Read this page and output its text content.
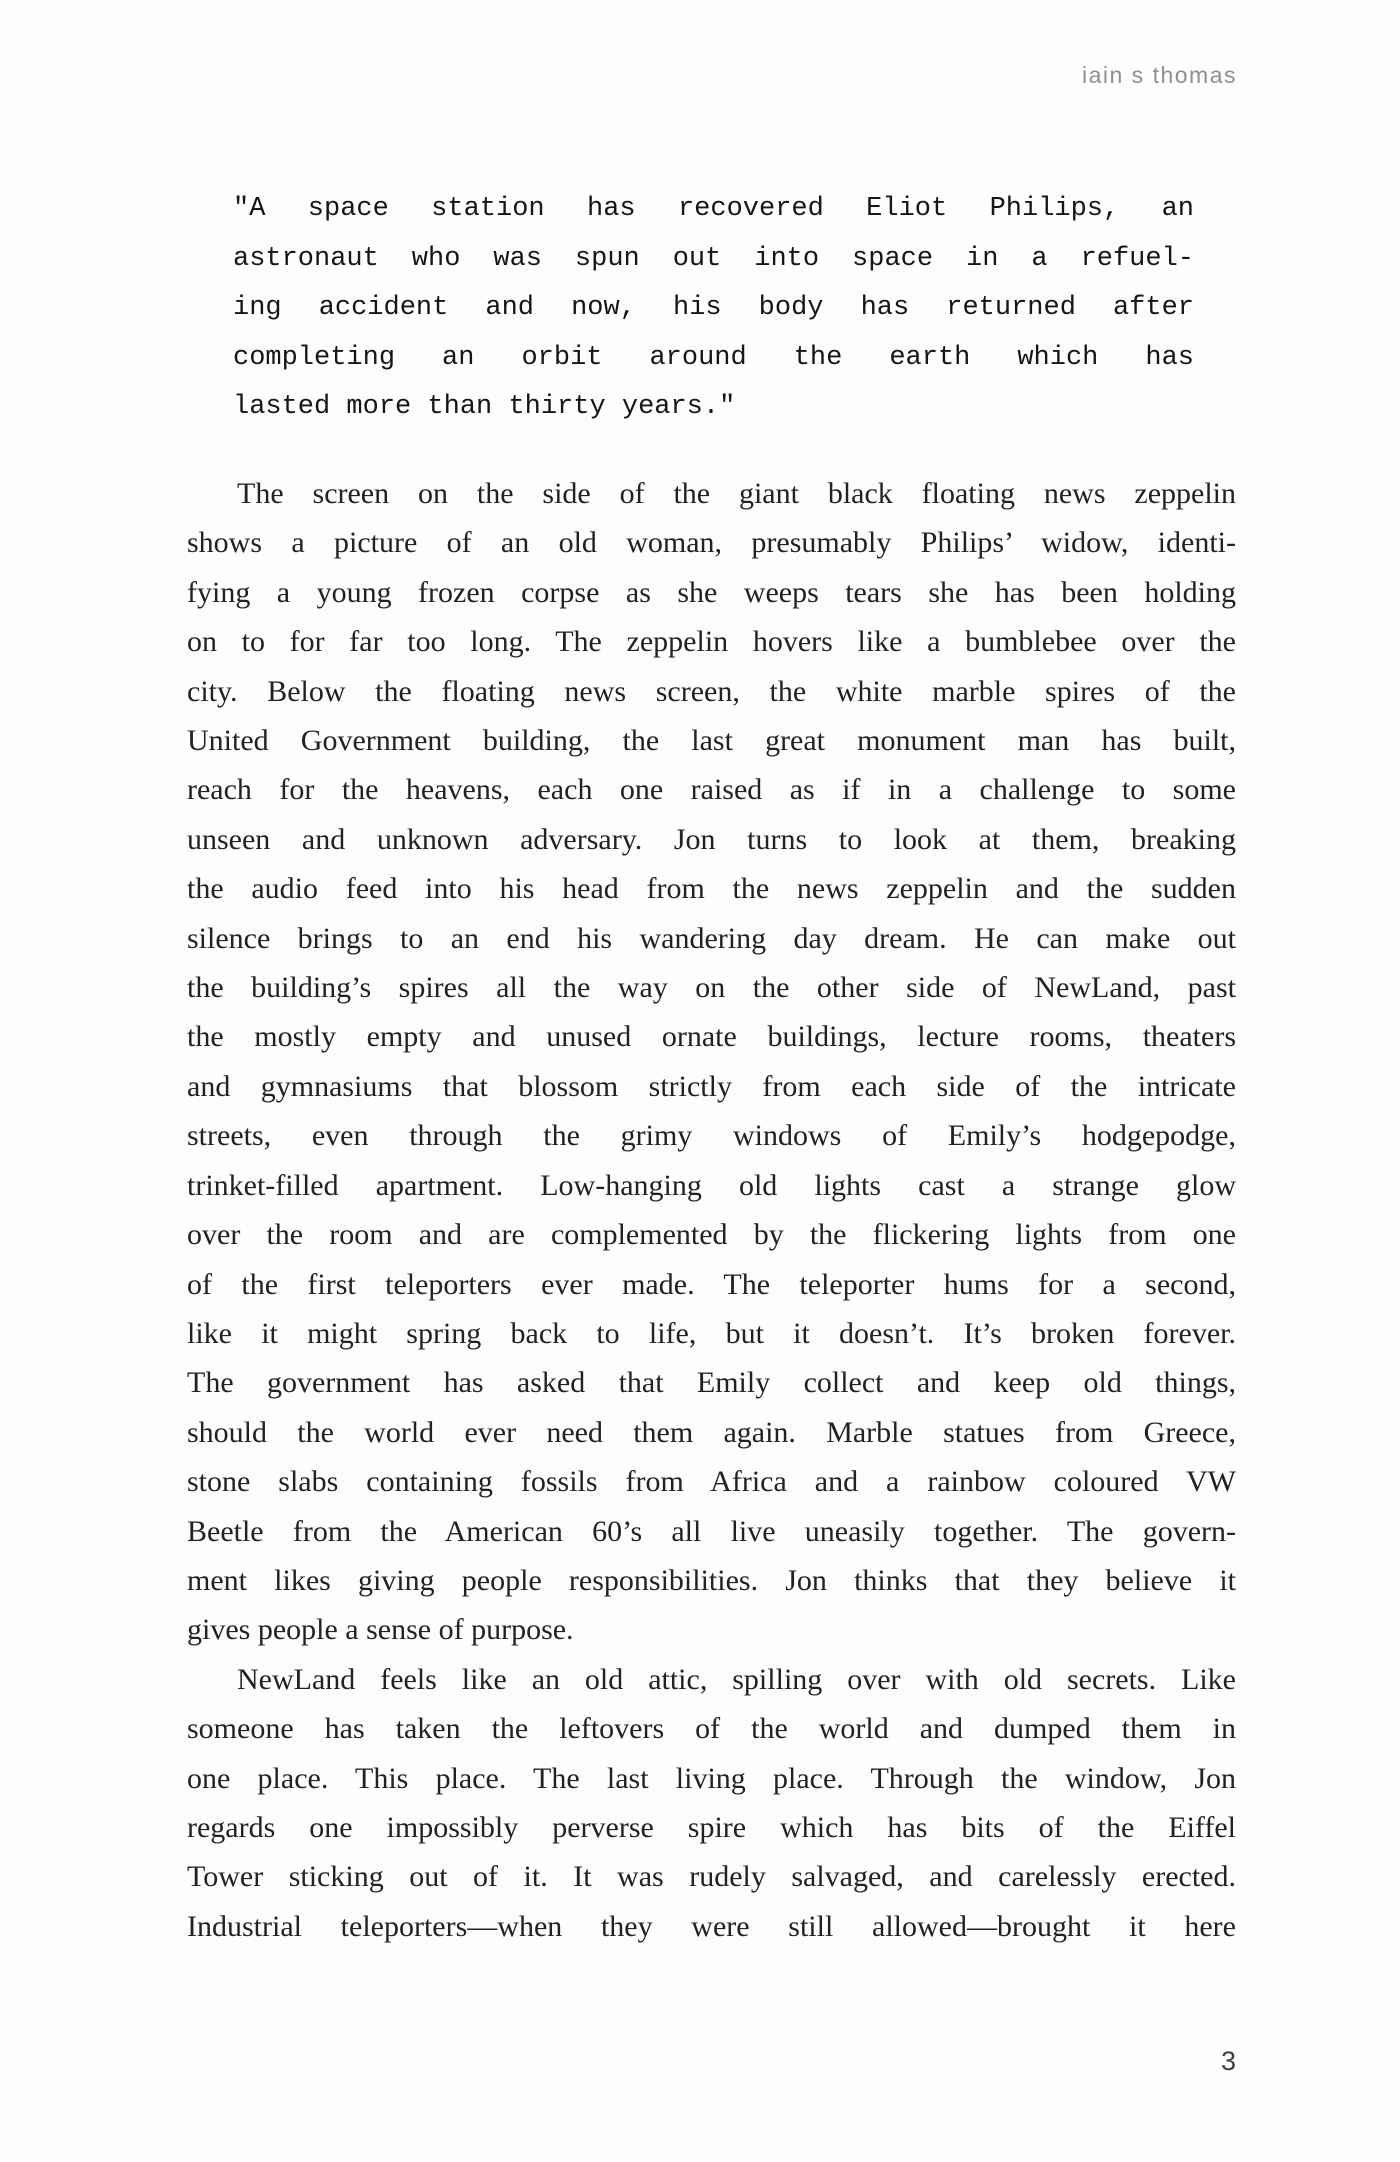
iain s thomas
"A space station has recovered Eliot Philips, an
astronaut who was spun out into space in a refuel-
ing accident and now, his body has returned after
completing an orbit around the earth which has
lasted more than thirty years."
The screen on the side of the giant black floating news zeppelin
shows a picture of an old woman, presumably Philips’ widow, identi-
fying a young frozen corpse as she weeps tears she has been holding
on to for far too long. The zeppelin hovers like a bumblebee over the
city. Below the floating news screen, the white marble spires of the
United Government building, the last great monument man has built,
reach for the heavens, each one raised as if in a challenge to some
unseen and unknown adversary. Jon turns to look at them, breaking
the audio feed into his head from the news zeppelin and the sudden
silence brings to an end his wandering day dream. He can make out
the building’s spires all the way on the other side of NewLand, past
the mostly empty and unused ornate buildings, lecture rooms, theaters
and gymnasiums that blossom strictly from each side of the intricate
streets, even through the grimy windows of Emily’s hodgepodge,
trinket-filled apartment. Low-hanging old lights cast a strange glow
over the room and are complemented by the flickering lights from one
of the first teleporters ever made. The teleporter hums for a second,
like it might spring back to life, but it doesn’t. It’s broken forever.
The government has asked that Emily collect and keep old things,
should the world ever need them again. Marble statues from Greece,
stone slabs containing fossils from Africa and a rainbow coloured VW
Beetle from the American 60’s all live uneasily together. The govern-
ment likes giving people responsibilities. Jon thinks that they believe it
gives people a sense of purpose.
NewLand feels like an old attic, spilling over with old secrets. Like
someone has taken the leftovers of the world and dumped them in
one place. This place. The last living place. Through the window, Jon
regards one impossibly perverse spire which has bits of the Eiffel
Tower sticking out of it. It was rudely salvaged, and carelessly erected.
Industrial teleporters—when they were still allowed—brought it here
3
